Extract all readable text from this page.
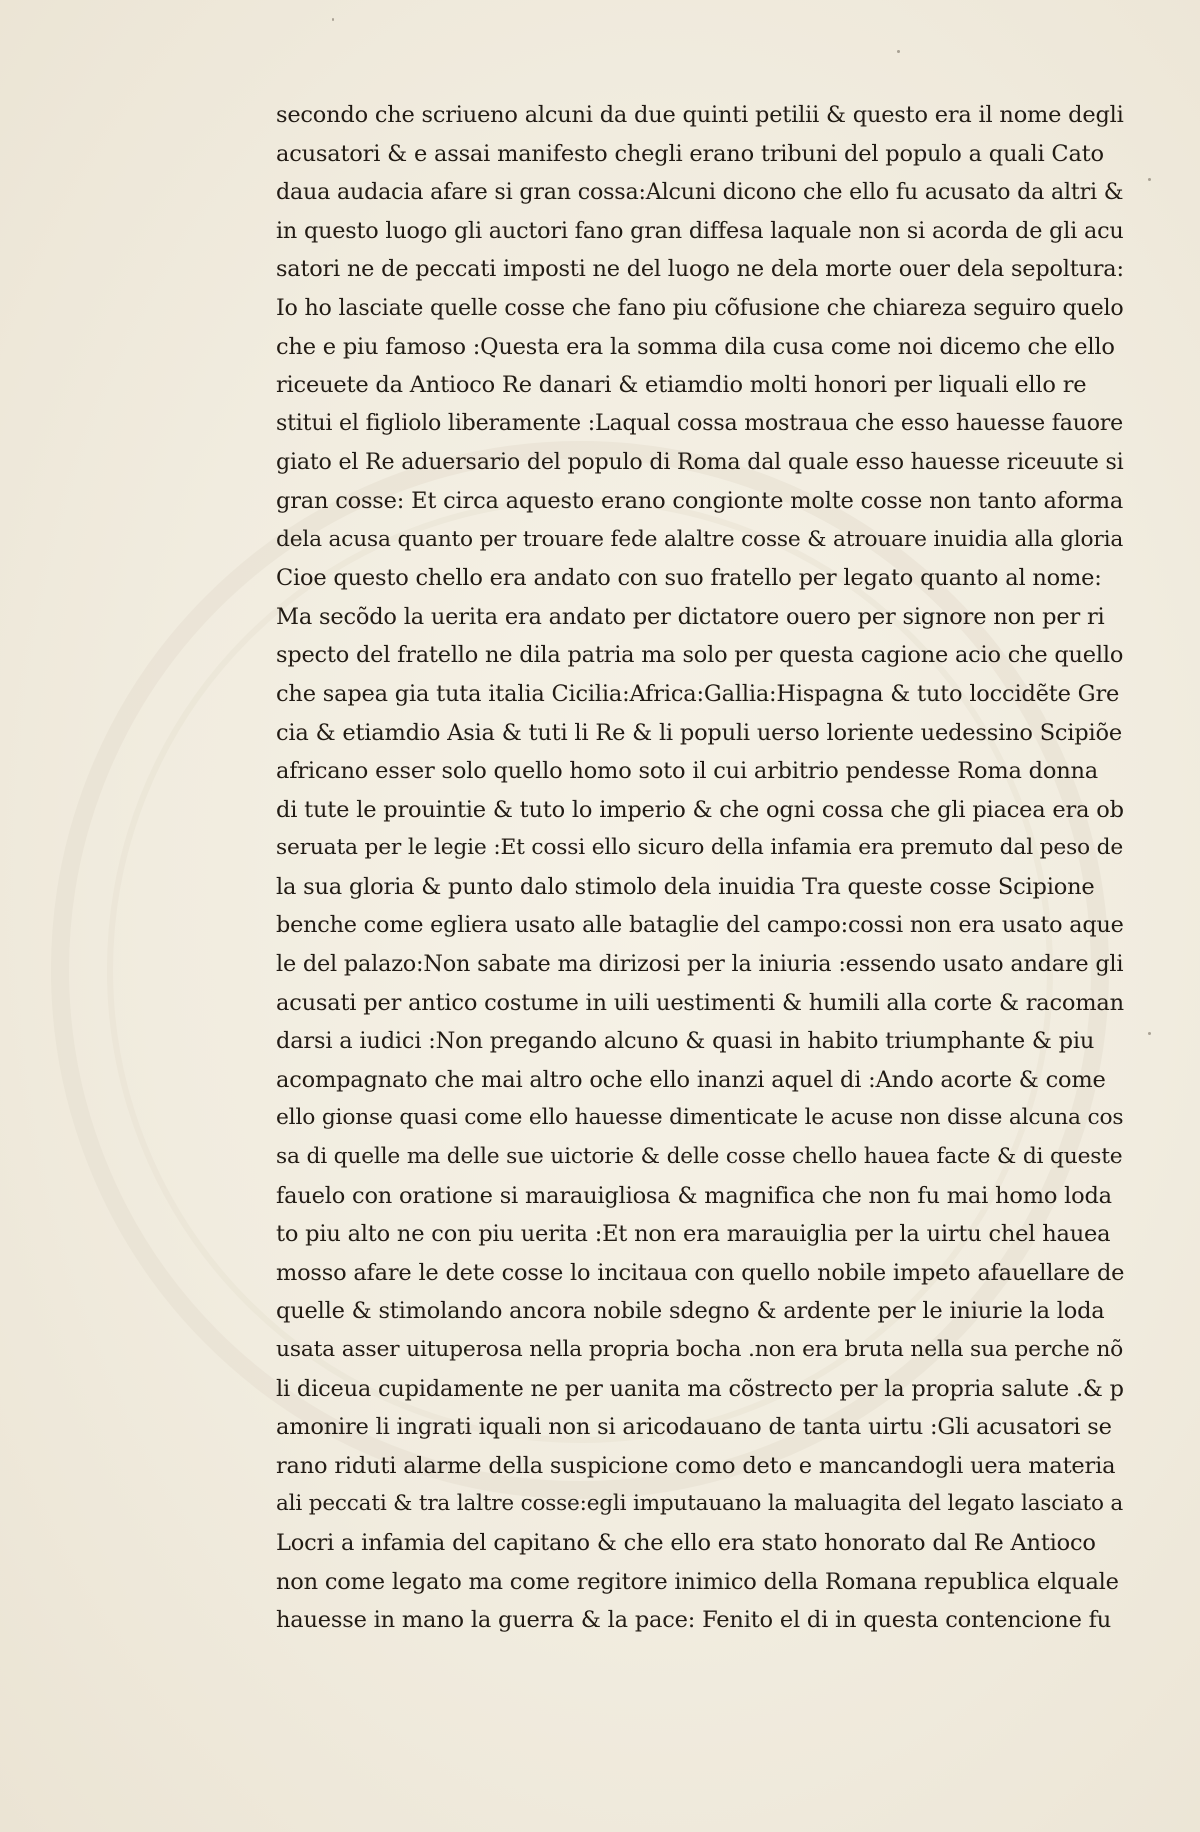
secondo che scriueno alcuni da due quinti petilii & questo era il nome degli
acusatori & e assai manifesto chegli erano tribuni del populo a quali Cato
daua audacia afare si gran cossa:Alcuni dicono che ello fu acusato da altri &
in questo luogo gli auctori fano gran diffesa laquale non si acorda de gli acu
satori ne de peccati imposti ne del luogo ne dela morte ouer dela sepoltura:
Io ho lasciate quelle cosse che fano piu cõfusione che chiareza seguiro quelo
che e piu famoso :Questa era la somma dila cusa come noi dicemo che ello
riceuete da Antioco Re danari & etiamdio molti honori per liquali ello re
stitui el figliolo liberamente :Laqual cossa mostraua che esso hauesse fauore
giato el Re aduersario del populo di Roma dal quale esso hauesse riceuute si
gran cosse: Et circa aquesto erano congionte molte cosse non tanto aforma
dela acusa quanto per trouare fede alaltre cosse & atrouare inuidia alla gloria
Cioe questo chello era andato con suo fratello per legato quanto al nome:
Ma secõdo la uerita era andato per dictatore ouero per signore non per ri
specto del fratello ne dila patria ma solo per questa cagione acio che quello
che sapea gia tuta italia Cicilia:Africa:Gallia:Hispagna & tuto loccidẽte Gre
cia & etiamdio Asia & tuti li Re & li populi uerso loriente uedessino Scipiõe
africano esser solo quello homo soto il cui arbitrio pendesse Roma donna
di tute le prouintie & tuto lo imperio & che ogni cossa che gli piacea era ob
seruata per le legie :Et cossi ello sicuro della infamia era premuto dal peso de
la sua gloria & punto dalo stimolo dela inuidia Tra queste cosse Scipione
benche come egliera usato alle bataglie del campo:cossi non era usato aque
le del palazo:Non sabate ma dirizosi per la iniuria :essendo usato andare gli
acusati per antico costume in uili uestimenti & humili alla corte & racoman
darsi a iudici :Non pregando alcuno & quasi in habito triumphante & piu
acompagnato che mai altro oche ello inanzi aquel di :Ando acorte & come
ello gionse quasi come ello hauesse dimenticate le acuse non disse alcuna cos
sa di quelle ma delle sue uictorie & delle cosse chello hauea facte & di queste
fauelo con oratione si marauigliosa & magnifica che non fu mai homo loda
to piu alto ne con piu uerita :Et non era marauiglia per la uirtu chel hauea
mosso afare le dete cosse lo incitaua con quello nobile impeto afauellare de
quelle & stimolando ancora nobile sdegno & ardente per le iniurie la loda
usata asser uituperosa nella propria bocha .non era bruta nella sua perche nõ
li diceua cupidamente ne per uanita ma cõstrecto per la propria salute .& p
amonire li ingrati iquali non si aricodauano de tanta uirtu :Gli acusatori se
rano riduti alarme della suspicione como deto e mancandogli uera materia
ali peccati & tra laltre cosse:egli imputauano la maluagita del legato lasciato a
Locri a infamia del capitano & che ello era stato honorato dal Re Antioco
non come legato ma come regitore inimico della Romana republica elquale
hauesse in mano la guerra & la pace: Fenito el di in questa contencione fu
